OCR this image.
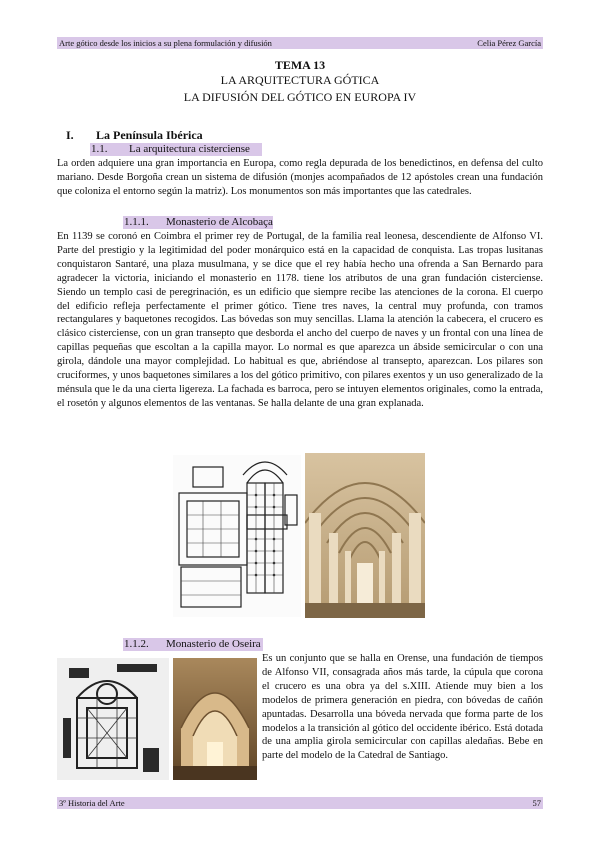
Arte gótico desde los inicios a su plena formulación y difusión	Celia Pérez García
TEMA 13
LA ARQUITECTURA GÓTICA
LA DIFUSIÓN DEL GÓTICO EN EUROPA IV
I. La Península Ibérica
1.1. La arquitectura cisterciense

La orden adquiere una gran importancia en Europa, como regla depurada de los benedictinos, en defensa del culto mariano. Desde Borgoña crean un sistema de difusión (monjes acompañados de 12 apóstoles crean una fundación que coloniza el entorno según la matriz). Los monumentos son más importantes que las catedrales.

1.1.1. Monasterio de Alcobaça

En 1139 se coronó en Coimbra el primer rey de Portugal, de la familia real leonesa, descendiente de Alfonso VI. Parte del prestigio y la legitimidad del poder monárquico está en la capacidad de conquista. Las tropas lusitanas conquistaron Santaré, una plaza musulmana, y se dice que el rey había hecho una ofrenda a San Bernardo para agradecer la victoria, iniciando el monasterio en 1178. tiene los atributos de una gran fundación cisterciense. Siendo un templo casi de peregrinación, es un edificio que siempre recibe las atenciones de la corona. El cuerpo del edificio refleja perfectamente el primer gótico. Tiene tres naves, la central muy profunda, con tramos rectangulares y baquetones recogidos. Las bóvedas son muy sencillas. Llama la atención la cabecera, el crucero es clásico cisterciense, con un gran transepto que desborda el ancho del cuerpo de naves y un frontal con una línea de capillas pequeñas que escoltan a la capilla mayor. Lo normal es que aparezca un ábside semicircular o con una girola, dándole una mayor complejidad. Lo habitual es que, abriéndose al transepto, aparezcan. Los pilares son cruciformes, y unos baquetones similares a los del gótico primitivo, con pilares exentos y un uso generalizado de la ménsula que le da una cierta ligereza. La fachada es barroca, pero se intuyen elementos originales, como la entrada, el rosetón y algunos elementos de las ventanas. Se halla delante de una gran explanada.

1.1.2. Monasterio de Oseira

Es un conjunto que se halla en Orense, una fundación de tiempos de Alfonso VII, consagrada años más tarde, la cúpula que corona el crucero es una obra ya del s.XIII. Atiende muy bien a los modelos de primera generación en piedra, con bóvedas de cañón apuntadas. Desarrolla una bóveda nervada que forma parte de los modelos a la transición al gótico del occidente ibérico. Está dotada de una amplia girola semicircular con capillas aledañas. Bebe en parte del modelo de la Catedral de Santiago.

3º Historia del Arte	57
